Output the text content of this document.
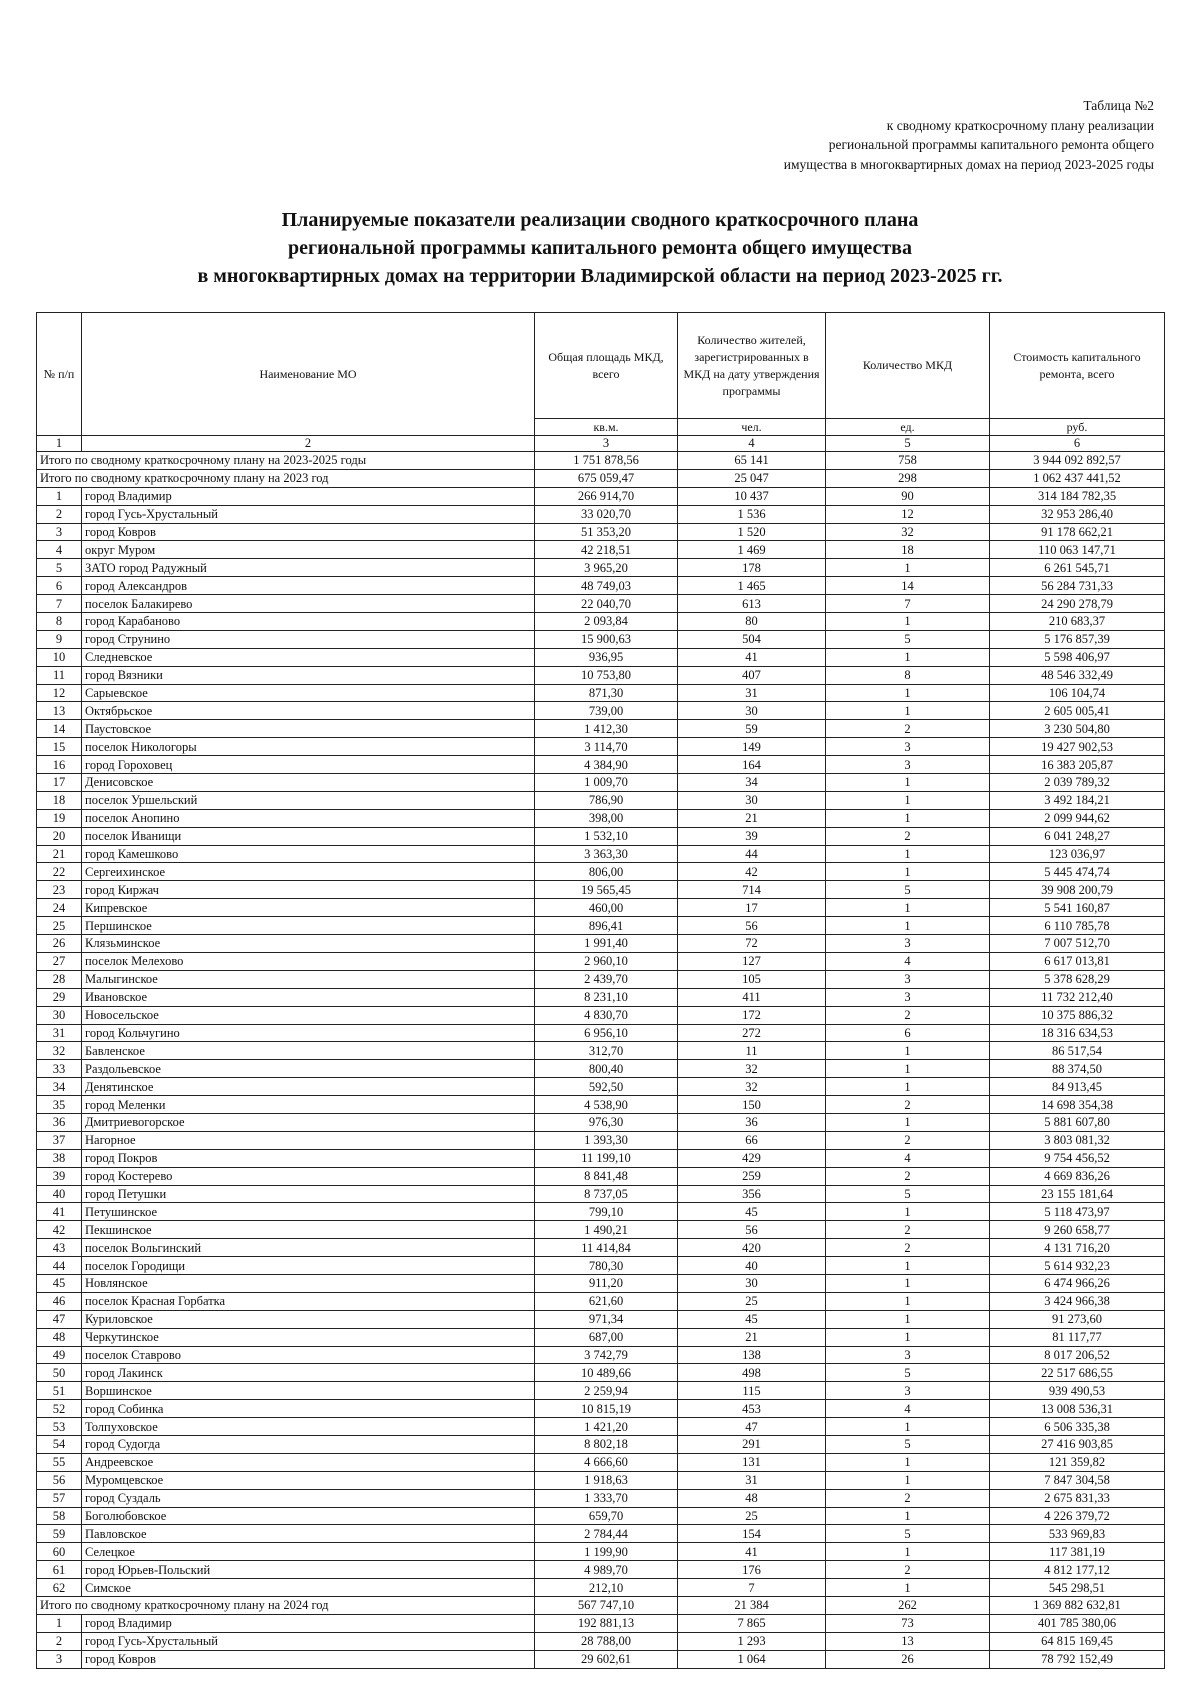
Таблица №2
к сводному краткосрочному плану реализации
региональной программы капитального ремонта общего
имущества в многоквартирных домах на период 2023-2025 годы
Планируемые показатели реализации сводного краткосрочного плана
региональной программы капитального ремонта общего имущества
в многоквартирных домах на территории Владимирской области на период 2023-2025 гг.
№ п/п	Наименование МО	Общая площадь МКД, всего	Количество жителей, зарегистрированных в МКД на дату утверждения программы	Количество МКД	Стоимость капитального ремонта, всего
		кв.м.	чел.	ед.	руб.
1	2	3	4	5	6
Итого по сводному краткосрочному плану на 2023-2025 годы		1 751 878,56	65 141	758	3 944 092 892,57
Итого по сводному краткосрочному плану на 2023 год		675 059,47	25 047	298	1 062 437 441,52
1	город Владимир	266 914,70	10 437	90	314 184 782,35
2	город Гусь-Хрустальный	33 020,70	1 536	12	32 953 286,40
3	город Ковров	51 353,20	1 520	32	91 178 662,21
4	округ Муром	42 218,51	1 469	18	110 063 147,71
5	ЗАТО город Радужный	3 965,20	178	1	6 261 545,71
6	город Александров	48 749,03	1 465	14	56 284 731,33
7	поселок Балакирево	22 040,70	613	7	24 290 278,79
8	город Карабаново	2 093,84	80	1	210 683,37
9	город Струнино	15 900,63	504	5	5 176 857,39
10	Следневское	936,95	41	1	5 598 406,97
11	город Вязники	10 753,80	407	8	48 546 332,49
12	Сарыевское	871,30	31	1	106 104,74
13	Октябрьское	739,00	30	1	2 605 005,41
14	Паустовское	1 412,30	59	2	3 230 504,80
15	поселок Никологоры	3 114,70	149	3	19 427 902,53
16	город Гороховец	4 384,90	164	3	16 383 205,87
17	Денисовское	1 009,70	34	1	2 039 789,32
18	поселок Уршельский	786,90	30	1	3 492 184,21
19	поселок Анопино	398,00	21	1	2 099 944,62
20	поселок Иванищи	1 532,10	39	2	6 041 248,27
21	город Камешково	3 363,30	44	1	123 036,97
22	Сергеихинское	806,00	42	1	5 445 474,74
23	город Киржач	19 565,45	714	5	39 908 200,79
24	Кипревское	460,00	17	1	5 541 160,87
25	Першинское	896,41	56	1	6 110 785,78
26	Клязьминское	1 991,40	72	3	7 007 512,70
27	поселок Мелехово	2 960,10	127	4	6 617 013,81
28	Малыгинское	2 439,70	105	3	5 378 628,29
29	Ивановское	8 231,10	411	3	11 732 212,40
30	Новосельское	4 830,70	172	2	10 375 886,32
31	город Кольчугино	6 956,10	272	6	18 316 634,53
32	Бавленское	312,70	11	1	86 517,54
33	Раздольевское	800,40	32	1	88 374,50
34	Денятинское	592,50	32	1	84 913,45
35	город Меленки	4 538,90	150	2	14 698 354,38
36	Дмитриевогорское	976,30	36	1	5 881 607,80
37	Нагорное	1 393,30	66	2	3 803 081,32
38	город Покров	11 199,10	429	4	9 754 456,52
39	город Костерево	8 841,48	259	2	4 669 836,26
40	город Петушки	8 737,05	356	5	23 155 181,64
41	Петушинское	799,10	45	1	5 118 473,97
42	Пекшинское	1 490,21	56	2	9 260 658,77
43	поселок Вольгинский	11 414,84	420	2	4 131 716,20
44	поселок Городищи	780,30	40	1	5 614 932,23
45	Новлянское	911,20	30	1	6 474 966,26
46	поселок Красная Горбатка	621,60	25	1	3 424 966,38
47	Куриловское	971,34	45	1	91 273,60
48	Черкутинское	687,00	21	1	81 117,77
49	поселок Ставрово	3 742,79	138	3	8 017 206,52
50	город Лакинск	10 489,66	498	5	22 517 686,55
51	Воршинское	2 259,94	115	3	939 490,53
52	город Собинка	10 815,19	453	4	13 008 536,31
53	Толпуховское	1 421,20	47	1	6 506 335,38
54	город Судогда	8 802,18	291	5	27 416 903,85
55	Андреевское	4 666,60	131	1	121 359,82
56	Муромцевское	1 918,63	31	1	7 847 304,58
57	город Суздаль	1 333,70	48	2	2 675 831,33
58	Боголюбовское	659,70	25	1	4 226 379,72
59	Павловское	2 784,44	154	5	533 969,83
60	Селецкое	1 199,90	41	1	117 381,19
61	город Юрьев-Польский	4 989,70	176	2	4 812 177,12
62	Симское	212,10	7	1	545 298,51
Итого по сводному краткосрочному плану на 2024 год		567 747,10	21 384	262	1 369 882 632,81
1	город Владимир	192 881,13	7 865	73	401 785 380,06
2	город Гусь-Хрустальный	28 788,00	1 293	13	64 815 169,45
3	город Ковров	29 602,61	1 064	26	78 792 152,49
